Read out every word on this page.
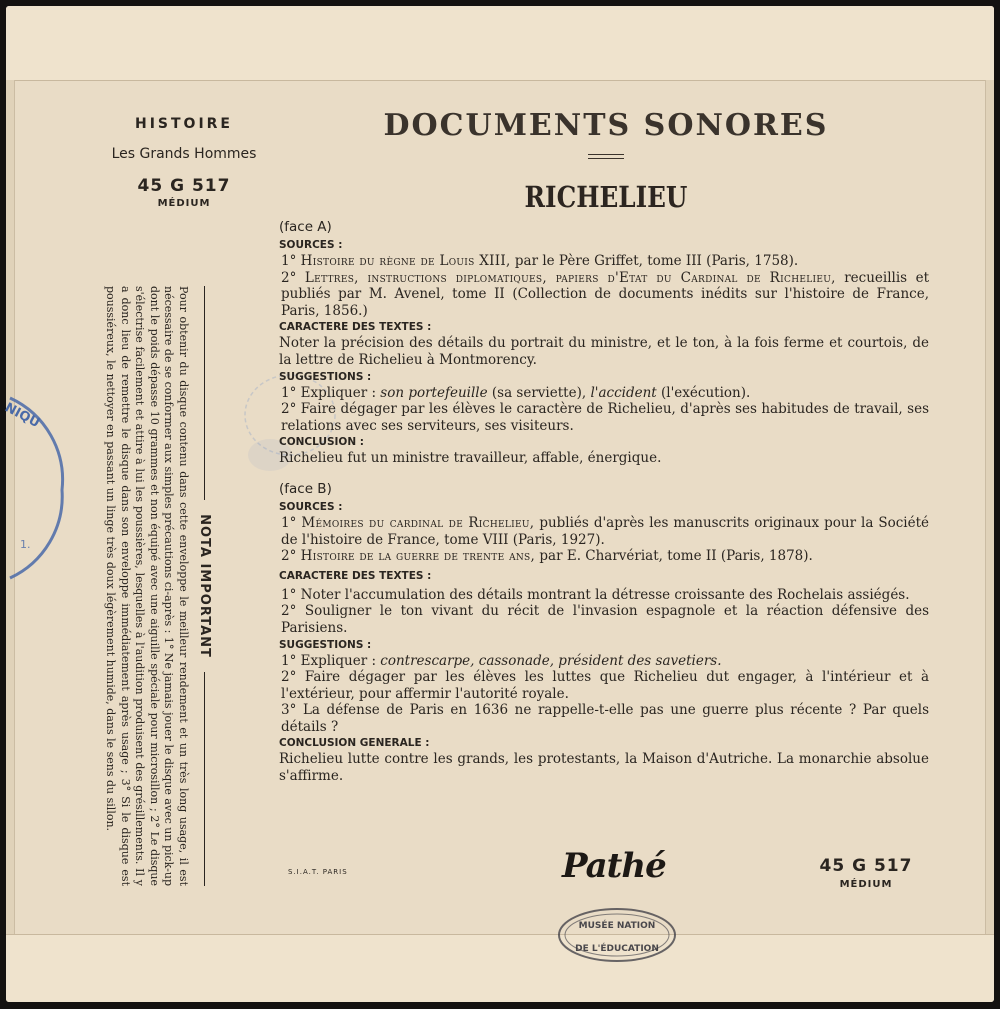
NIQU
1.
HISTOIRE
Les Grands Hommes
45 G 517
MÉDIUM
DOCUMENTS SONORES
RICHELIEU
NOTA IMPORTANT
Pour obtenir du disque contenu dans cette enveloppe le meilleur rendement et un très long usage, il est nécessaire de se conformer aux simples précautions ci-après : 1° Ne jamais jouer le disque avec un pick-up dont le poids dépasse 10 grammes et non équipé avec une aiguille spéciale pour microsillon ; 2° Le disque s'électrise facilement et attire à lui les poussières, lesquelles à l'audition produisent des grésillements. Il y a donc lieu de remettre le disque dans son enveloppe immédiatement après usage ; 3° Si le disque est poussiéreux, le nettoyer en passant un linge très doux légèrement humide, dans le sens du sillon.
(face A)
SOURCES :
1° Histoire du règne de Louis XIII, par le Père Griffet, tome III (Paris, 1758).
2° Lettres, instructions diplomatiques, papiers d'Etat du Cardinal de Richelieu, recueillis et publiés par M. Avenel, tome II (Collection de documents inédits sur l'histoire de France, Paris, 1856.)
CARACTERE DES TEXTES :
Noter la précision des détails du portrait du ministre, et le ton, à la fois ferme et courtois, de la lettre de Richelieu à Montmorency.
SUGGESTIONS :
1° Expliquer : son portefeuille (sa serviette), l'accident (l'exécution).
2° Faire dégager par les élèves le caractère de Richelieu, d'après ses habitudes de travail, ses relations avec ses serviteurs, ses visiteurs.
CONCLUSION :
Richelieu fut un ministre travailleur, affable, énergique.
(face B)
SOURCES :
1° Mémoires du cardinal de Richelieu, publiés d'après les manuscrits originaux pour la Société de l'histoire de France, tome VIII (Paris, 1927).
2° Histoire de la guerre de trente ans, par E. Charvériat, tome II (Paris, 1878).
CARACTERE DES TEXTES :
1° Noter l'accumulation des détails montrant la détresse croissante des Rochelais assiégés.
2° Souligner le ton vivant du récit de l'invasion espagnole et la réaction défensive des Parisiens.
SUGGESTIONS :
1° Expliquer : contrescarpe, cassonade, président des savetiers.
2° Faire dégager par les élèves les luttes que Richelieu dut engager, à l'intérieur et à l'extérieur, pour affermir l'autorité royale.
3° La défense de Paris en 1636 ne rappelle-t-elle pas une guerre plus récente ? Par quels détails ?
CONCLUSION GENERALE :
Richelieu lutte contre les grands, les protestants, la Maison d'Autriche. La monarchie absolue s'affirme.
S.I.A.T. PARIS	Pathé	45 G 517
MÉDIUM
MUSÉE NATION
DE L'ÉDUCATION
